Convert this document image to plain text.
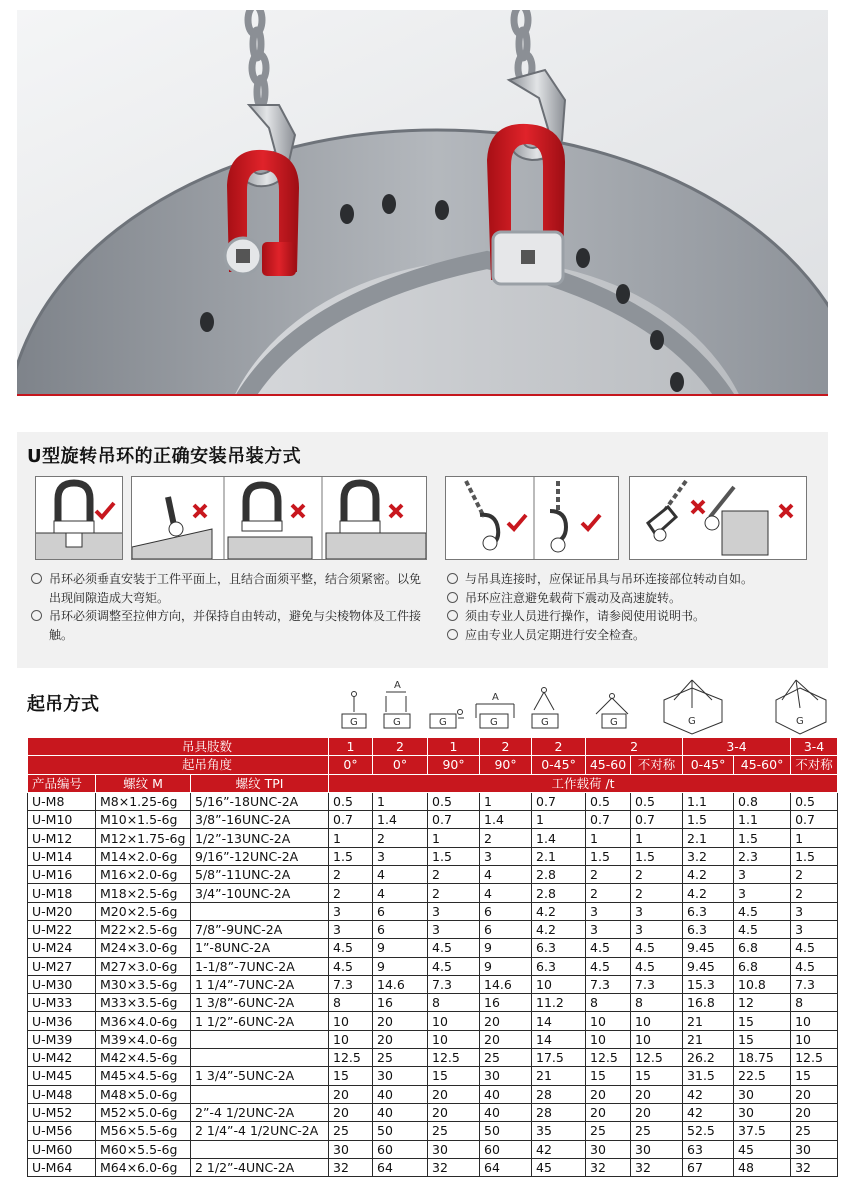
U型旋转吊环的正确安装吊装方式
吊环必须垂直安装于工件平面上，且结合面须平整，结合须紧密。以免出现间隙造成大弯矩。
吊环必须调整至拉伸方向，并保持自由转动，避免与尖棱物体及工件接触。
与吊具连接时，应保证吊具与吊环连接部位转动自如。
吊环应注意避免载荷下震动及高速旋转。
须由专业人员进行操作，请参阅使用说明书。
应由专业人员定期进行安全检查。
起吊方式
G
A
G	G
A
G	G	G	G	G
吊具肢数			1	2	1	2	2	2		3-4		3-4
起吊角度			0°	0°	90°	90°	0-45°	45-60	不对称	0-45°	45-60°	不对称
产品编号	螺纹 M	螺纹 TPI	工作载荷 /t									
U-M8	M8×1.25-6g	5/16”-18UNC-2A	0.5	1	0.5	1	0.7	0.5	0.5	1.1	0.8	0.5
U-M10	M10×1.5-6g	3/8”-16UNC-2A	0.7	1.4	0.7	1.4	1	0.7	0.7	1.5	1.1	0.7
U-M12	M12×1.75-6g	1/2”-13UNC-2A	1	2	1	2	1.4	1	1	2.1	1.5	1
U-M14	M14×2.0-6g	9/16”-12UNC-2A	1.5	3	1.5	3	2.1	1.5	1.5	3.2	2.3	1.5
U-M16	M16×2.0-6g	5/8”-11UNC-2A	2	4	2	4	2.8	2	2	4.2	3	2
U-M18	M18×2.5-6g	3/4”-10UNC-2A	2	4	2	4	2.8	2	2	4.2	3	2
U-M20	M20×2.5-6g		3	6	3	6	4.2	3	3	6.3	4.5	3
U-M22	M22×2.5-6g	7/8”-9UNC-2A	3	6	3	6	4.2	3	3	6.3	4.5	3
U-M24	M24×3.0-6g	1”-8UNC-2A	4.5	9	4.5	9	6.3	4.5	4.5	9.45	6.8	4.5
U-M27	M27×3.0-6g	1-1/8”-7UNC-2A	4.5	9	4.5	9	6.3	4.5	4.5	9.45	6.8	4.5
U-M30	M30×3.5-6g	1 1/4”-7UNC-2A	7.3	14.6	7.3	14.6	10	7.3	7.3	15.3	10.8	7.3
U-M33	M33×3.5-6g	1 3/8”-6UNC-2A	8	16	8	16	11.2	8	8	16.8	12	8
U-M36	M36×4.0-6g	1 1/2”-6UNC-2A	10	20	10	20	14	10	10	21	15	10
U-M39	M39×4.0-6g		10	20	10	20	14	10	10	21	15	10
U-M42	M42×4.5-6g		12.5	25	12.5	25	17.5	12.5	12.5	26.2	18.75	12.5
U-M45	M45×4.5-6g	1 3/4”-5UNC-2A	15	30	15	30	21	15	15	31.5	22.5	15
U-M48	M48×5.0-6g		20	40	20	40	28	20	20	42	30	20
U-M52	M52×5.0-6g	2”-4 1/2UNC-2A	20	40	20	40	28	20	20	42	30	20
U-M56	M56×5.5-6g	2 1/4”-4 1/2UNC-2A	25	50	25	50	35	25	25	52.5	37.5	25
U-M60	M60×5.5-6g		30	60	30	60	42	30	30	63	45	30
U-M64	M64×6.0-6g	2 1/2”-4UNC-2A	32	64	32	64	45	32	32	67	48	32
